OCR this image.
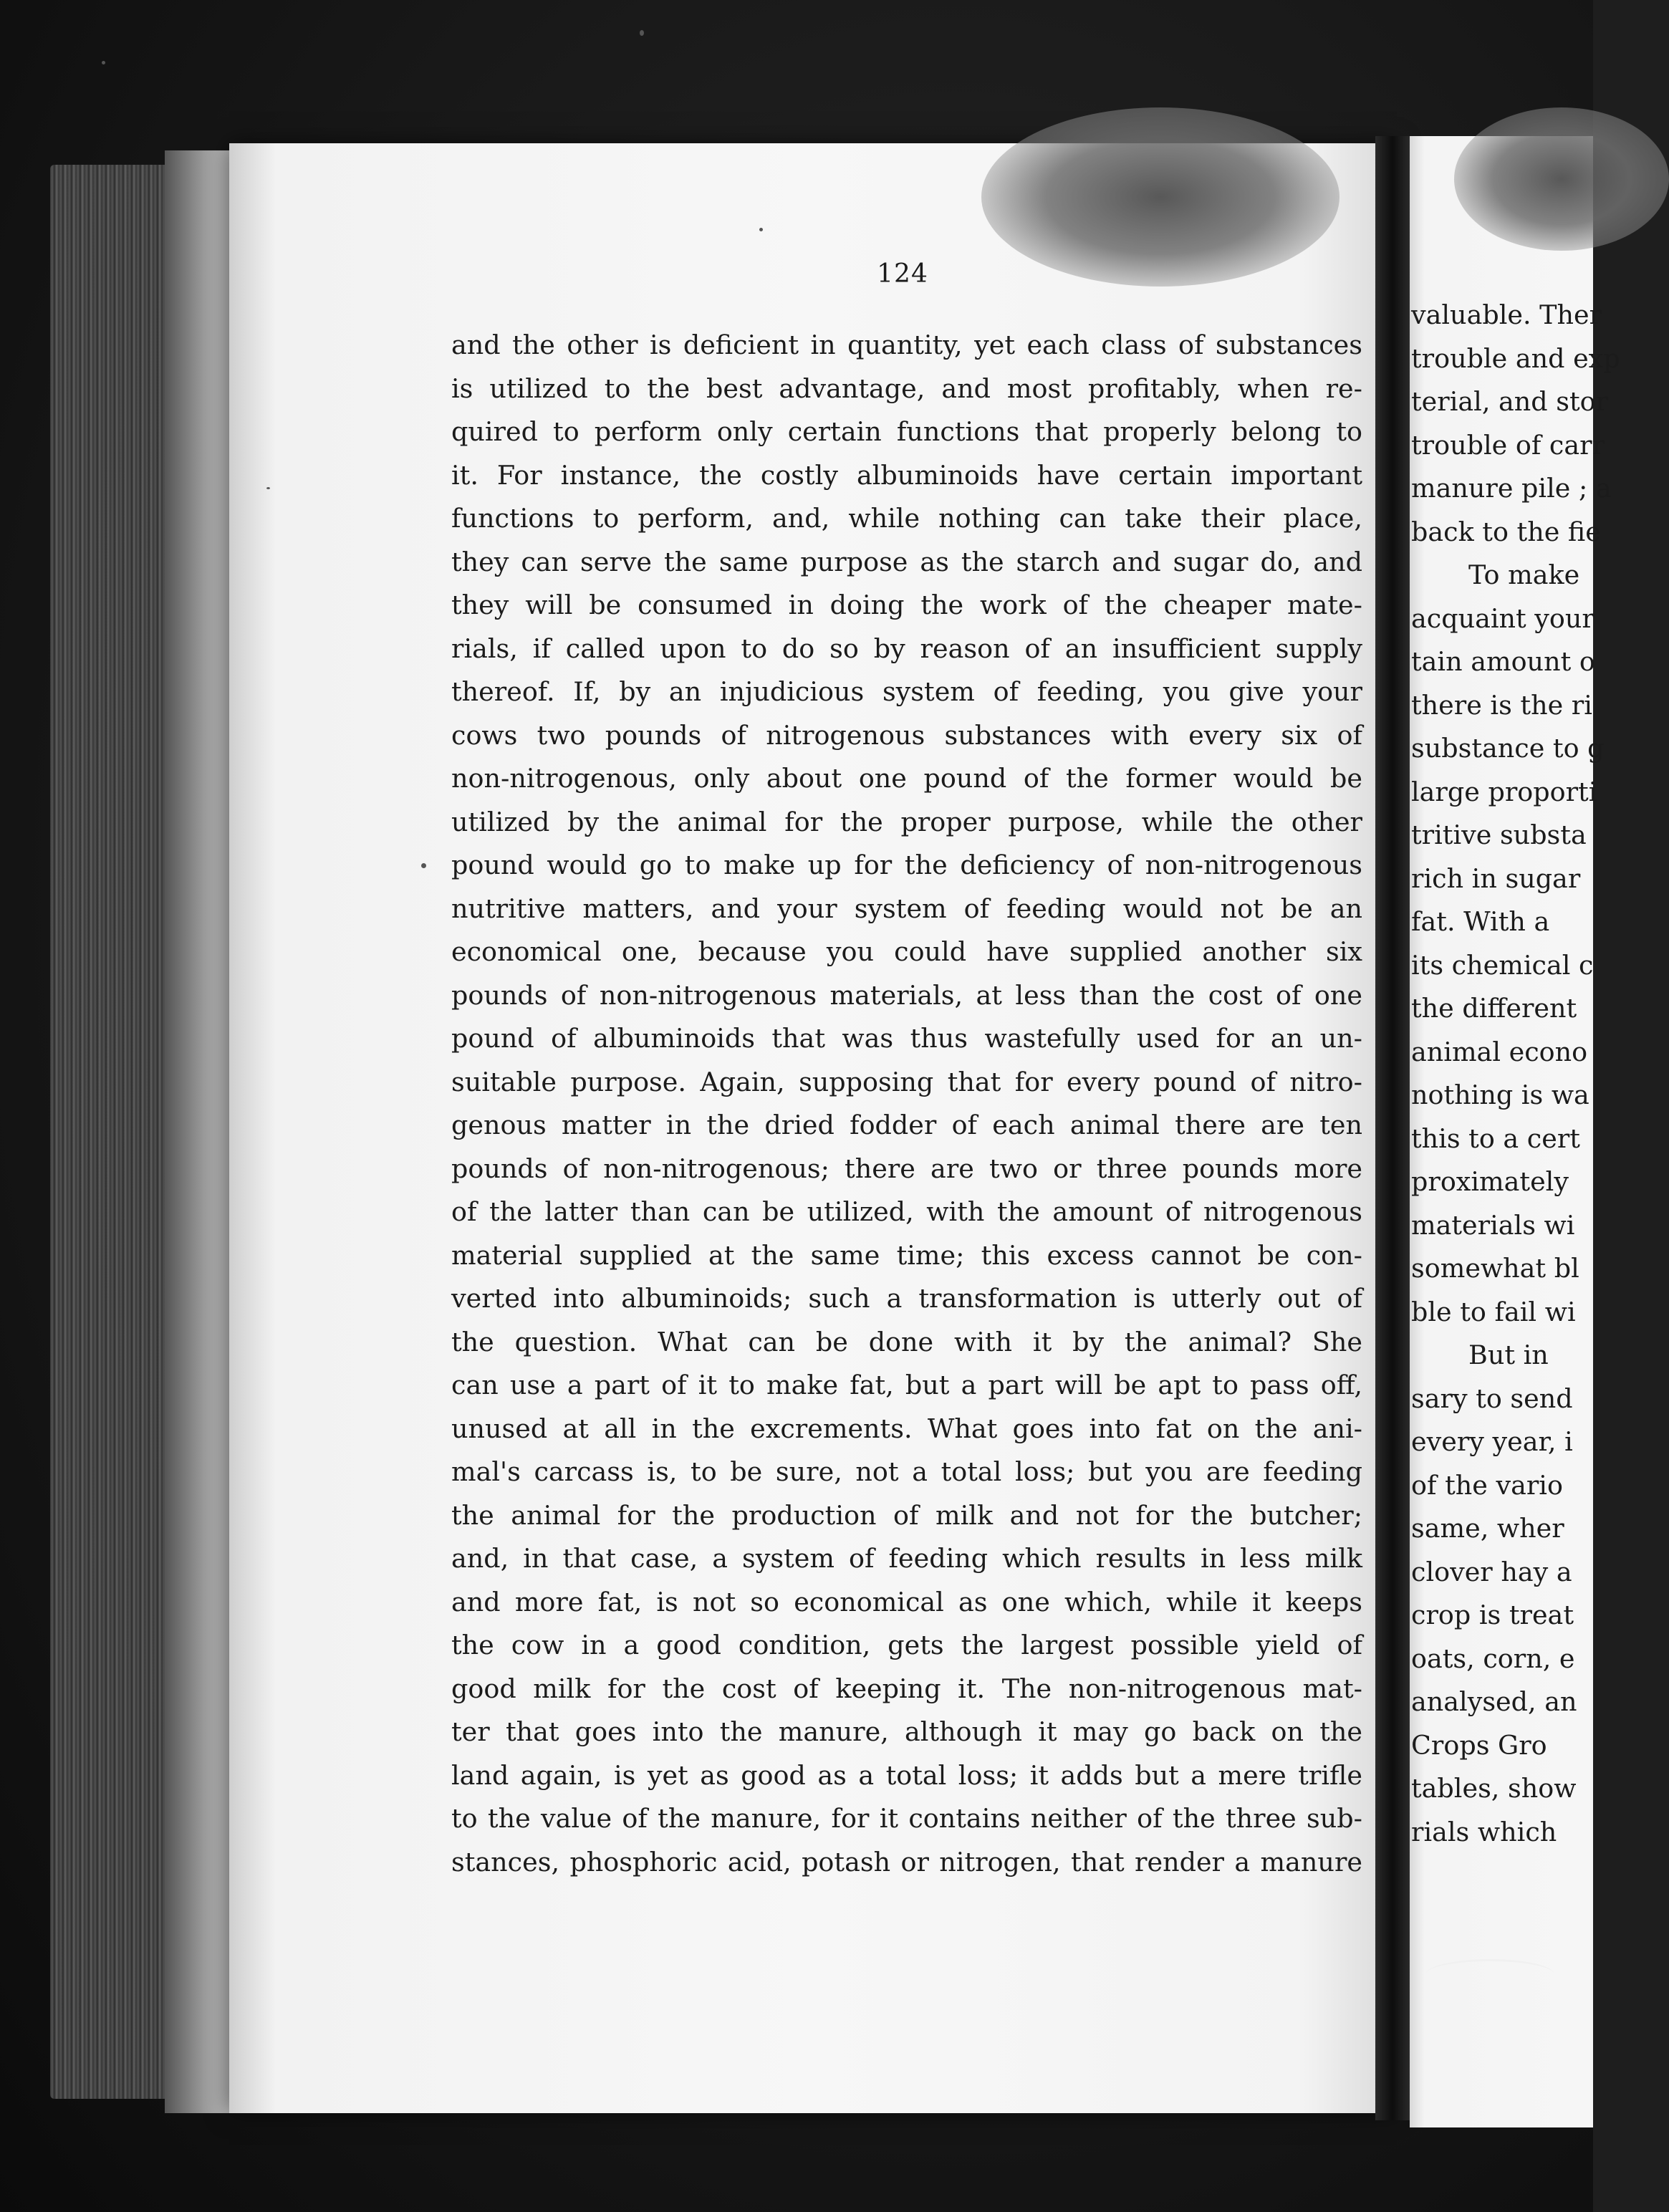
124
and the other is deficient in quantity, yet each class of substances
is utilized to the best advantage, and most profitably, when re-
quired to perform only certain functions that properly belong to
it. For instance, the costly albuminoids have certain important
functions to perform, and, while nothing can take their place,
they can serve the same purpose as the starch and sugar do, and
they will be consumed in doing the work of the cheaper mate-
rials, if called upon to do so by reason of an insufficient supply
thereof. If, by an injudicious system of feeding, you give your
cows two pounds of nitrogenous substances with every six of
non-nitrogenous, only about one pound of the former would be
utilized by the animal for the proper purpose, while the other
pound would go to make up for the deficiency of non-nitrogenous
nutritive matters, and your system of feeding would not be an
economical one, because you could have supplied another six
pounds of non-nitrogenous materials, at less than the cost of one
pound of albuminoids that was thus wastefully used for an un-
suitable purpose. Again, supposing that for every pound of nitro-
genous matter in the dried fodder of each animal there are ten
pounds of non-nitrogenous; there are two or three pounds more
of the latter than can be utilized, with the amount of nitrogenous
material supplied at the same time; this excess cannot be con-
verted into albuminoids; such a transformation is utterly out of
the question. What can be done with it by the animal? She
can use a part of it to make fat, but a part will be apt to pass off,
unused at all in the excrements. What goes into fat on the ani-
mal's carcass is, to be sure, not a total loss; but you are feeding
the animal for the production of milk and not for the butcher;
and, in that case, a system of feeding which results in less milk
and more fat, is not so economical as one which, while it keeps
the cow in a good condition, gets the largest possible yield of
good milk for the cost of keeping it. The non-nitrogenous mat-
ter that goes into the manure, although it may go back on the
land again, is yet as good as a total loss; it adds but a mere trifle
to the value of the manure, for it contains neither of the three sub-
stances, phosphoric acid, potash or nitrogen, that render a manure
valuable. Ther
trouble and exp
terial, and stor
trouble of carr
manure pile ; a
back to the fie
To make
acquaint your
tain amount o
there is the ri
substance to g
large proporti
tritive substa
rich in sugar
fat. With a
its chemical c
the different
animal econo
nothing is wa
this to a cert
proximately
materials wi
somewhat bl
ble to fail wi
But in
sary to send
every year, i
of the vario
same, wher
clover hay a
crop is treat
oats, corn, e
analysed, an
Crops Gro
tables, show
rials which
